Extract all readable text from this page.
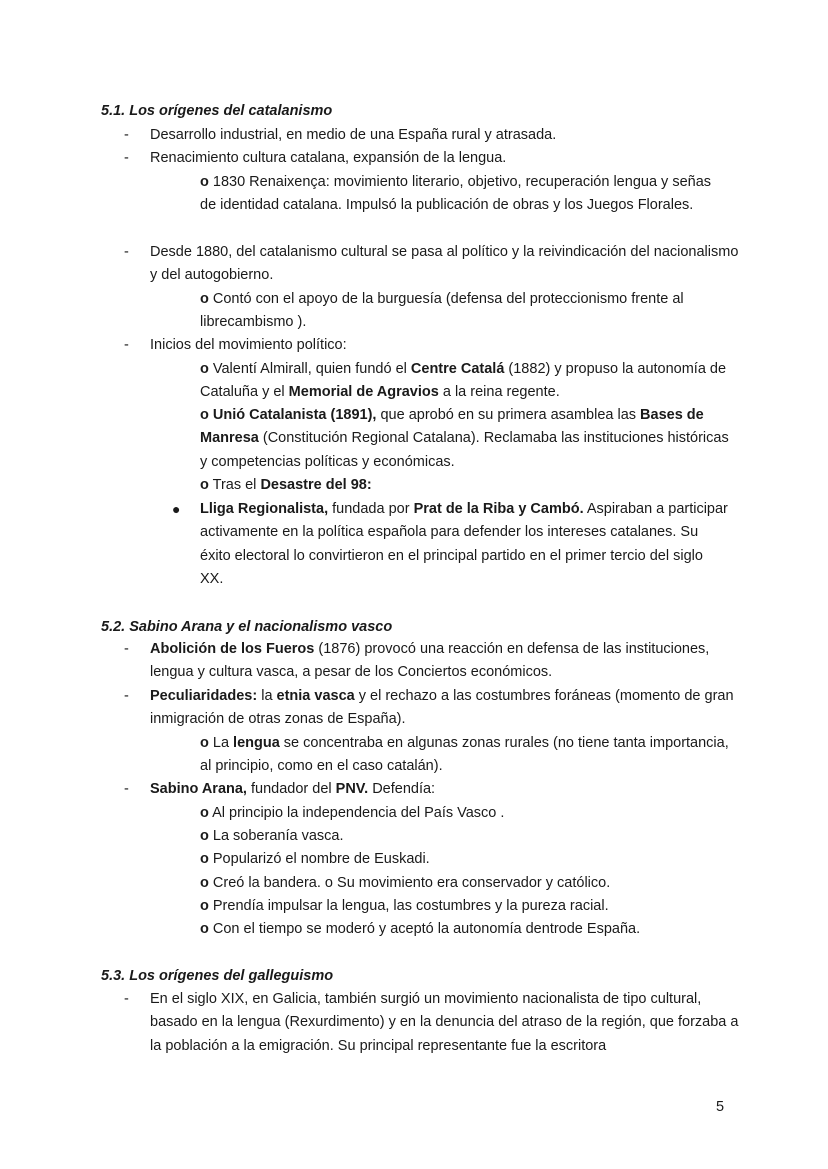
5.1. Los orígenes del catalanismo
- Desarrollo industrial, en medio de una España rural y atrasada.
- Renacimiento cultura catalana, expansión de la lengua.
o 1830 Renaixença: movimiento literario, objetivo, recuperación lengua y señas de identidad catalana. Impulsó la publicación de obras y los Juegos Florales.
- Desde 1880, del catalanismo cultural se pasa al político y la reivindicación del nacionalismo y del autogobierno.
o Contó con el apoyo de la burguesía (defensa del proteccionismo frente al librecambismo ).
- Inicios del movimiento político:
o Valentí Almirall, quien fundó el Centre Catalá (1882) y propuso la autonomía de Cataluña y el Memorial de Agravios a la reina regente.
o Unió Catalanista (1891), que aprobó en su primera asamblea las Bases de Manresa (Constitución Regional Catalana). Reclamaba las instituciones históricas y competencias políticas y económicas.
o Tras el Desastre del 98:
● Lliga Regionalista, fundada por Prat de la Riba y Cambó. Aspiraban a participar activamente en la política española para defender los intereses catalanes. Su éxito electoral lo convirtieron en el principal partido en el primer tercio del siglo XX.
5.2. Sabino Arana y el nacionalismo vasco
- Abolición de los Fueros (1876) provocó una reacción en defensa de las instituciones, lengua y cultura vasca, a pesar de los Conciertos económicos.
- Peculiaridades: la etnia vasca y el rechazo a las costumbres foráneas (momento de gran inmigración de otras zonas de España).
o La lengua se concentraba en algunas zonas rurales (no tiene tanta importancia, al principio, como en el caso catalán).
- Sabino Arana, fundador del PNV. Defendía:
o Al principio la independencia del País Vasco .
o La soberanía vasca.
o Popularizó el nombre de Euskadi.
o Creó la bandera. o Su movimiento era conservador y católico.
o Prendía impulsar la lengua, las costumbres y la pureza racial.
o Con el tiempo se moderó y aceptó la autonomía dentrode España.
5.3. Los orígenes del galleguismo
- En el siglo XIX, en Galicia, también surgió un movimiento nacionalista de tipo cultural, basado en la lengua (Rexurdimento) y en la denuncia del atraso de la región, que forzaba a la población a la emigración. Su principal representante fue la escritora
5
